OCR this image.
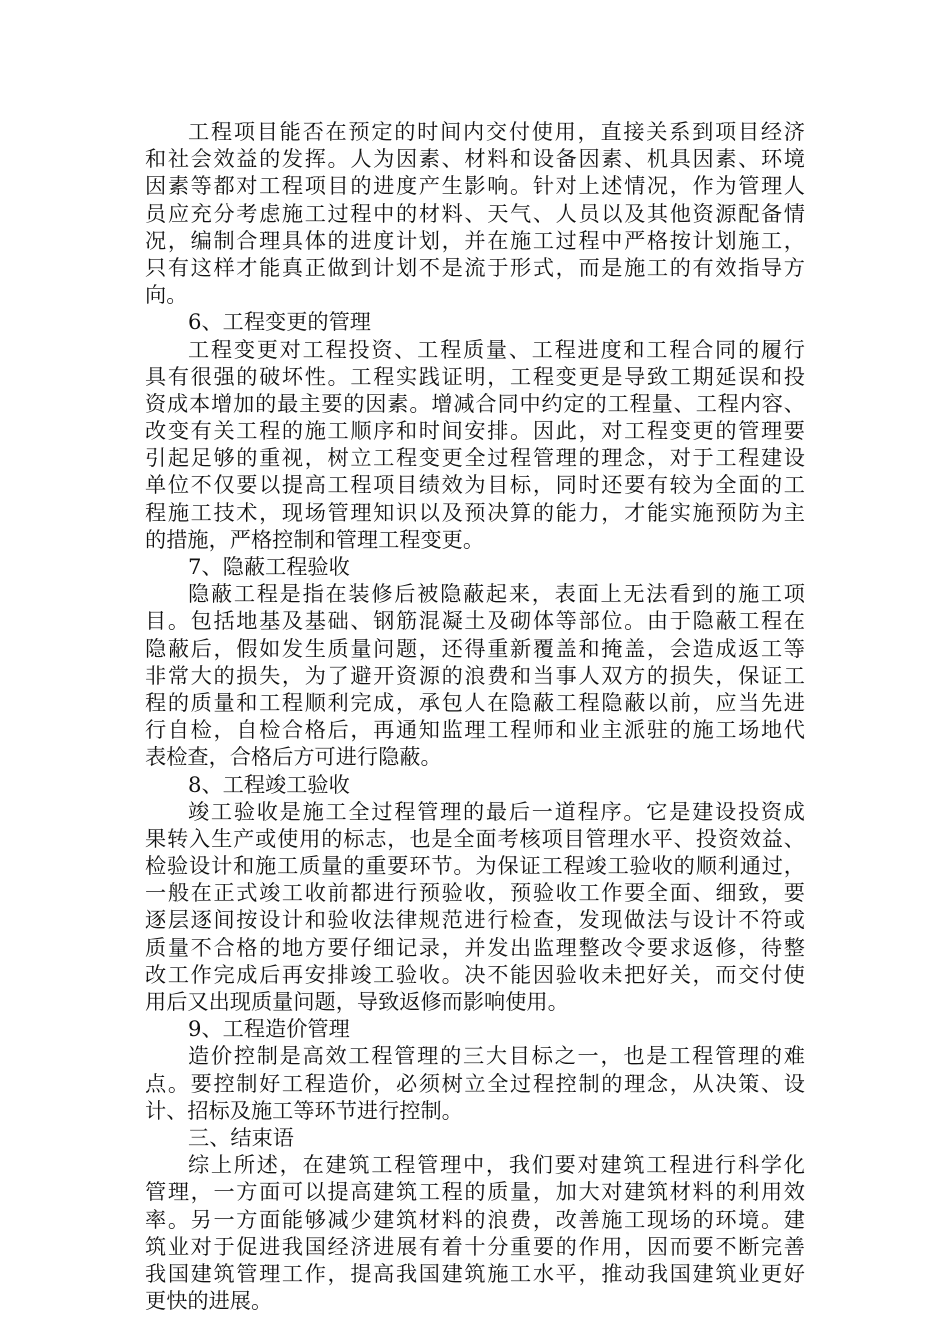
工程项目能否在预定的时间内交付使用，直接关系到项目经济
和社会效益的发挥。人为因素、材料和设备因素、机具因素、环境
因素等都对工程项目的进度产生影响。针对上述情况，作为管理人
员应充分考虑施工过程中的材料、天气、人员以及其他资源配备情
况，编制合理具体的进度计划，并在施工过程中严格按计划施工，
只有这样才能真正做到计划不是流于形式，而是施工的有效指导方
向。
6、工程变更的管理
工程变更对工程投资、工程质量、工程进度和工程合同的履行
具有很强的破坏性。工程实践证明，工程变更是导致工期延误和投
资成本增加的最主要的因素。增减合同中约定的工程量、工程内容、
改变有关工程的施工顺序和时间安排。因此，对工程变更的管理要
引起足够的重视，树立工程变更全过程管理的理念，对于工程建设
单位不仅要以提高工程项目绩效为目标，同时还要有较为全面的工
程施工技术，现场管理知识以及预决算的能力，才能实施预防为主
的措施，严格控制和管理工程变更。
7、隐蔽工程验收
隐蔽工程是指在装修后被隐蔽起来，表面上无法看到的施工项
目。包括地基及基础、钢筋混凝土及砌体等部位。由于隐蔽工程在
隐蔽后，假如发生质量问题，还得重新覆盖和掩盖，会造成返工等
非常大的损失，为了避开资源的浪费和当事人双方的损失，保证工
程的质量和工程顺利完成，承包人在隐蔽工程隐蔽以前，应当先进
行自检，自检合格后，再通知监理工程师和业主派驻的施工场地代
表检查，合格后方可进行隐蔽。
8、工程竣工验收
竣工验收是施工全过程管理的最后一道程序。它是建设投资成
果转入生产或使用的标志，也是全面考核项目管理水平、投资效益、
检验设计和施工质量的重要环节。为保证工程竣工验收的顺利通过，
一般在正式竣工收前都进行预验收，预验收工作要全面、细致，要
逐层逐间按设计和验收法律规范进行检查，发现做法与设计不符或
质量不合格的地方要仔细记录，并发出监理整改令要求返修，待整
改工作完成后再安排竣工验收。决不能因验收未把好关，而交付使
用后又出现质量问题，导致返修而影响使用。
9、工程造价管理
造价控制是高效工程管理的三大目标之一，也是工程管理的难
点。要控制好工程造价，必须树立全过程控制的理念，从决策、设
计、招标及施工等环节进行控制。
三、结束语
综上所述，在建筑工程管理中，我们要对建筑工程进行科学化
管理，一方面可以提高建筑工程的质量，加大对建筑材料的利用效
率。另一方面能够减少建筑材料的浪费，改善施工现场的环境。建
筑业对于促进我国经济进展有着十分重要的作用，因而要不断完善
我国建筑管理工作，提高我国建筑施工水平，推动我国建筑业更好
更快的进展。
